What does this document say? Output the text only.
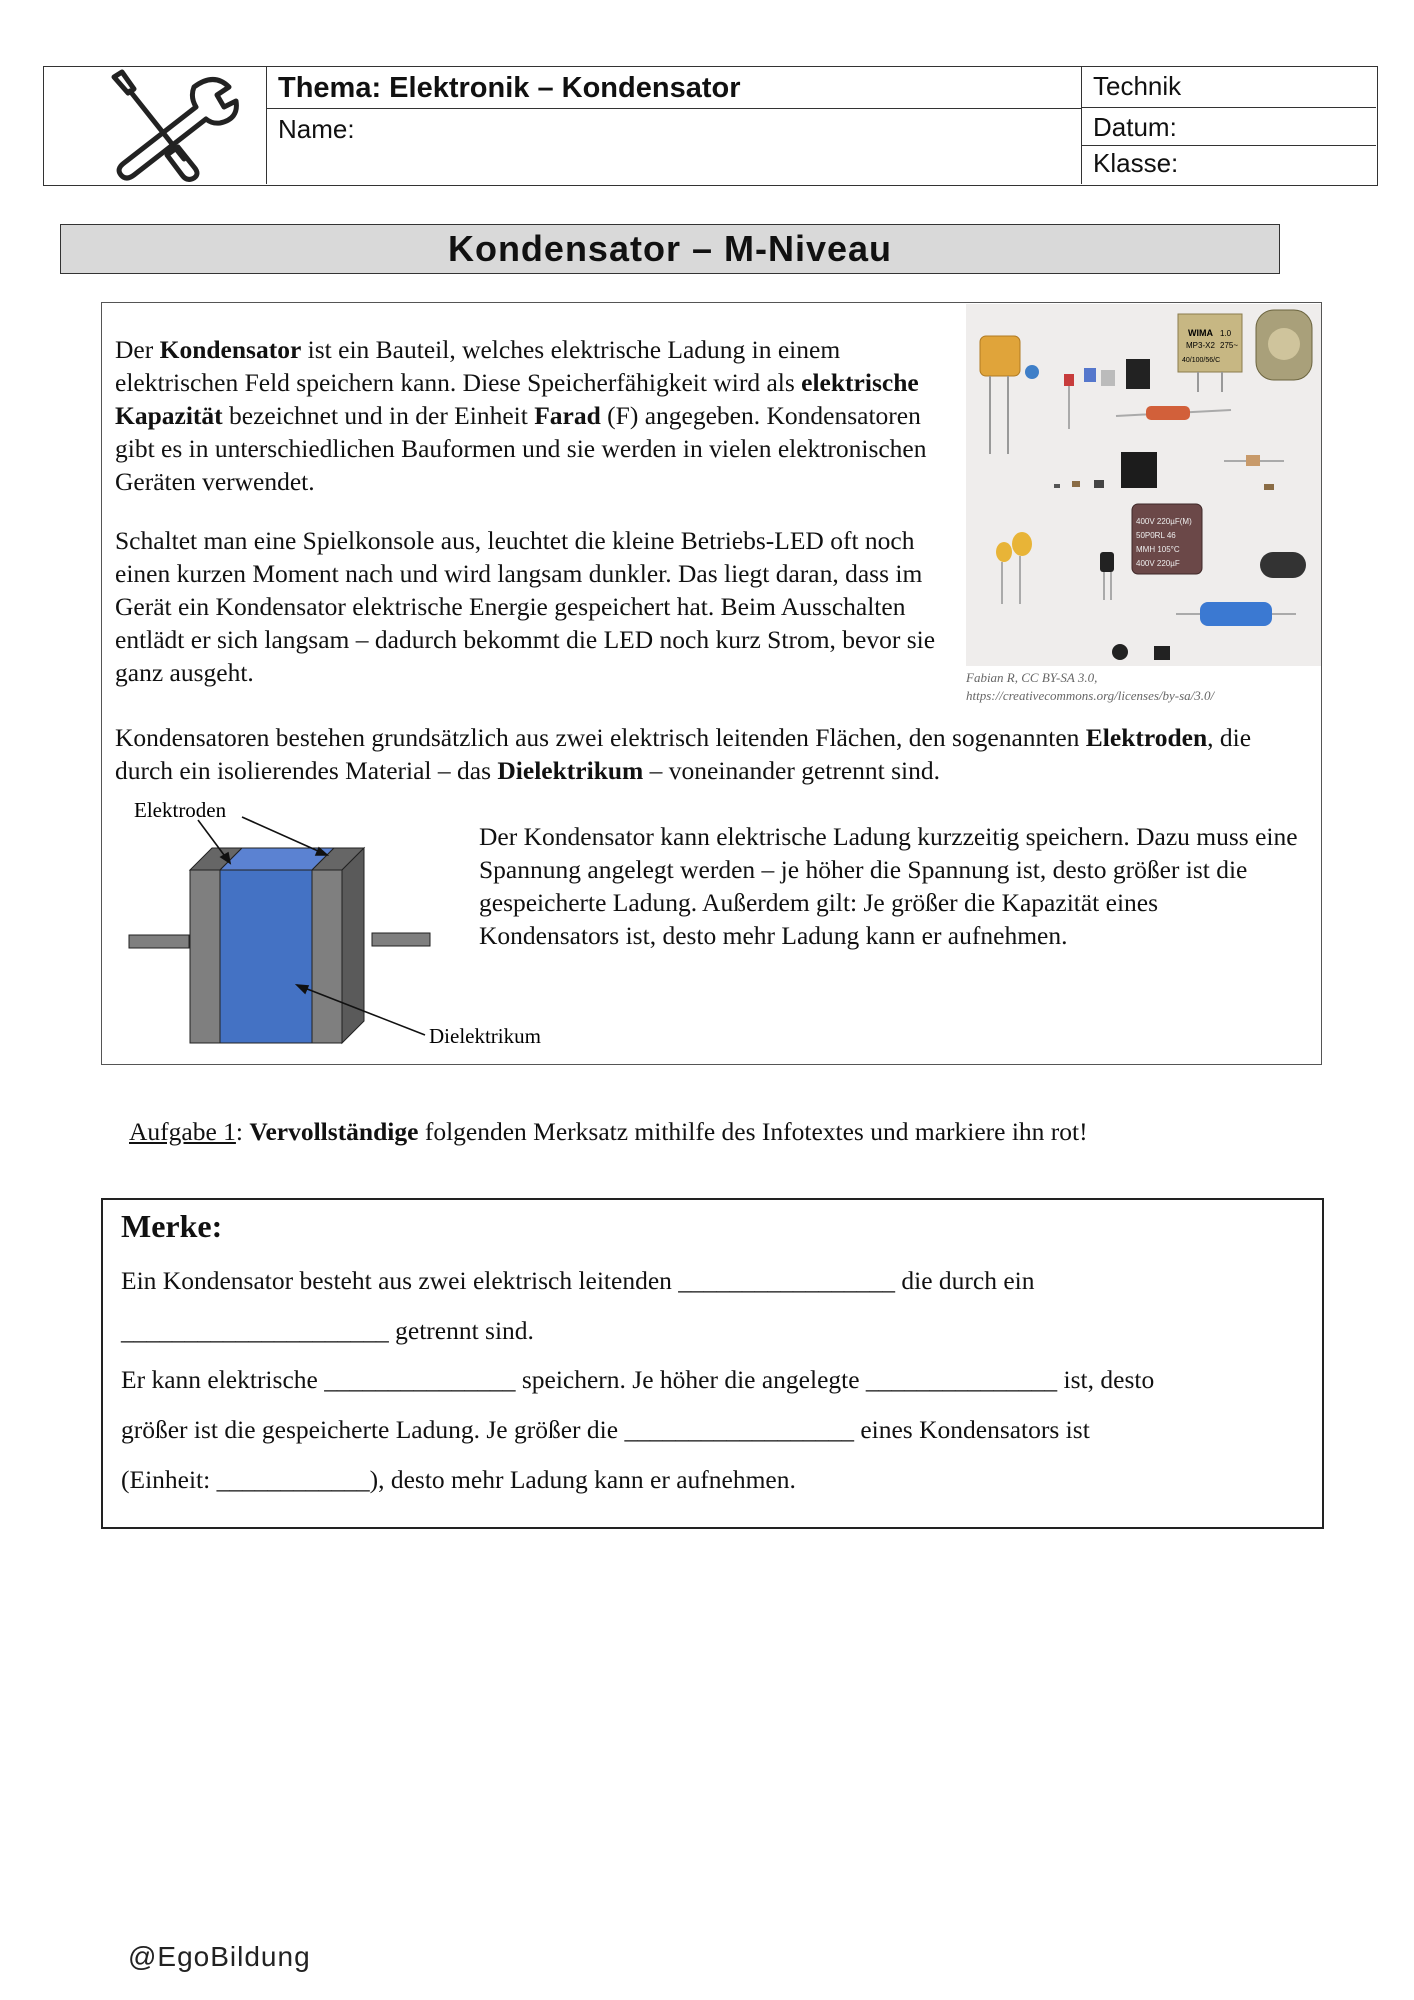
Thema: Elektronik – Kondensator
Name:
Technik
Datum:
Klasse:
Kondensator – M-Niveau
Der Kondensator ist ein Bauteil, welches elektrische Ladung in einem elektrischen Feld speichern kann. Diese Speicherfähigkeit wird als elektrische Kapazität bezeichnet und in der Einheit Farad (F) angegeben. Kondensatoren gibt es in unterschiedlichen Bauformen und sie werden in vielen elektronischen Geräten verwendet.
Schaltet man eine Spielkonsole aus, leuchtet die kleine Betriebs-LED oft noch einen kurzen Moment nach und wird langsam dunkler. Das liegt daran, dass im Gerät ein Kondensator elektrische Energie gespeichert hat. Beim Ausschalten entlädt er sich langsam – dadurch bekommt die LED noch kurz Strom, bevor sie ganz ausgeht.
Kondensatoren bestehen grundsätzlich aus zwei elektrisch leitenden Flächen, den sogenannten Elektroden, die durch ein isolierendes Material – das Dielektrikum – voneinander getrennt sind.
Der Kondensator kann elektrische Ladung kurzzeitig speichern. Dazu muss eine Spannung angelegt werden – je höher die Spannung ist, desto größer ist die gespeicherte Ladung. Außerdem gilt: Je größer die Kapazität eines Kondensators ist, desto mehr Ladung kann er aufnehmen.
WIMA
MP3-X2
1.0
275~
40/100/56/C
400V 220µF(M)
50P0RL 46
MMH 105°C
400V 220µF
Fabian R, CC BY-SA 3.0,
https://creativecommons.org/licenses/by-sa/3.0/
Elektroden
Dielektrikum
Aufgabe 1: Vervollständige folgenden Merksatz mithilfe des Infotextes und markiere ihn rot!
Merke:
Ein Kondensator besteht aus zwei elektrisch leitenden _________________ die durch ein
_____________________ getrennt sind.
Er kann elektrische _______________ speichern. Je höher die angelegte _______________ ist, desto
größer ist die gespeicherte Ladung. Je größer die __________________ eines Kondensators ist
(Einheit: ____________), desto mehr Ladung kann er aufnehmen.
@EgoBildung
